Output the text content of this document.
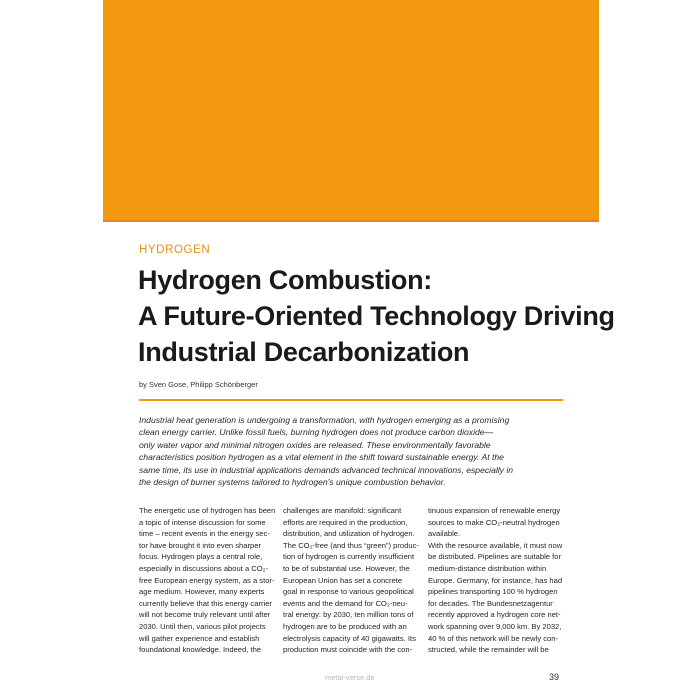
HYDROGEN
Hydrogen Combustion:
A Future-Oriented Technology Driving
Industrial Decarbonization
by Sven Gose, Philipp Schönberger

Industrial heat generation is undergoing a transformation, with hydrogen emerging as a promising
clean energy carrier. Unlike fossil fuels, burning hydrogen does not produce carbon dioxide—
only water vapor and minimal nitrogen oxides are released. These environmentally favorable
characteristics position hydrogen as a vital element in the shift toward sustainable energy. At the
same time, its use in industrial applications demands advanced technical innovations, especially in
the design of burner systems tailored to hydrogen's unique combustion behavior.

The energetic use of hydrogen has been
a topic of intense discussion for some
time – recent events in the energy sec-
tor have brought it into even sharper
focus. Hydrogen plays a central role,
especially in discussions about a CO₂-
free European energy system, as a stor-
age medium. However, many experts
currently believe that this energy carrier
will not become truly relevant until after
2030. Until then, various pilot projects
will gather experience and establish
foundational knowledge. Indeed, the
challenges are manifold: significant
efforts are required in the production,
distribution, and utilization of hydrogen.
The CO₂-free (and thus “green”) produc-
tion of hydrogen is currently insufficient
to be of substantial use. However, the
European Union has set a concrete
goal in response to various geopolitical
events and the demand for CO₂-neu-
tral energy: by 2030, ten million tons of
hydrogen are to be produced with an
electrolysis capacity of 40 gigawatts. Its
production must coincide with the con-
tinuous expansion of renewable energy
sources to make CO₂-neutral hydrogen
available.
With the resource available, it must now
be distributed. Pipelines are suitable for
medium-distance distribution within
Europe. Germany, for instance, has had
pipelines transporting 100 % hydrogen
for decades. The Bundesnetzagentur
recently approved a hydrogen core net-
work spanning over 9,000 km. By 2032,
40 % of this network will be newly con-
structed, while the remainder will be
metal-verse.de	39
